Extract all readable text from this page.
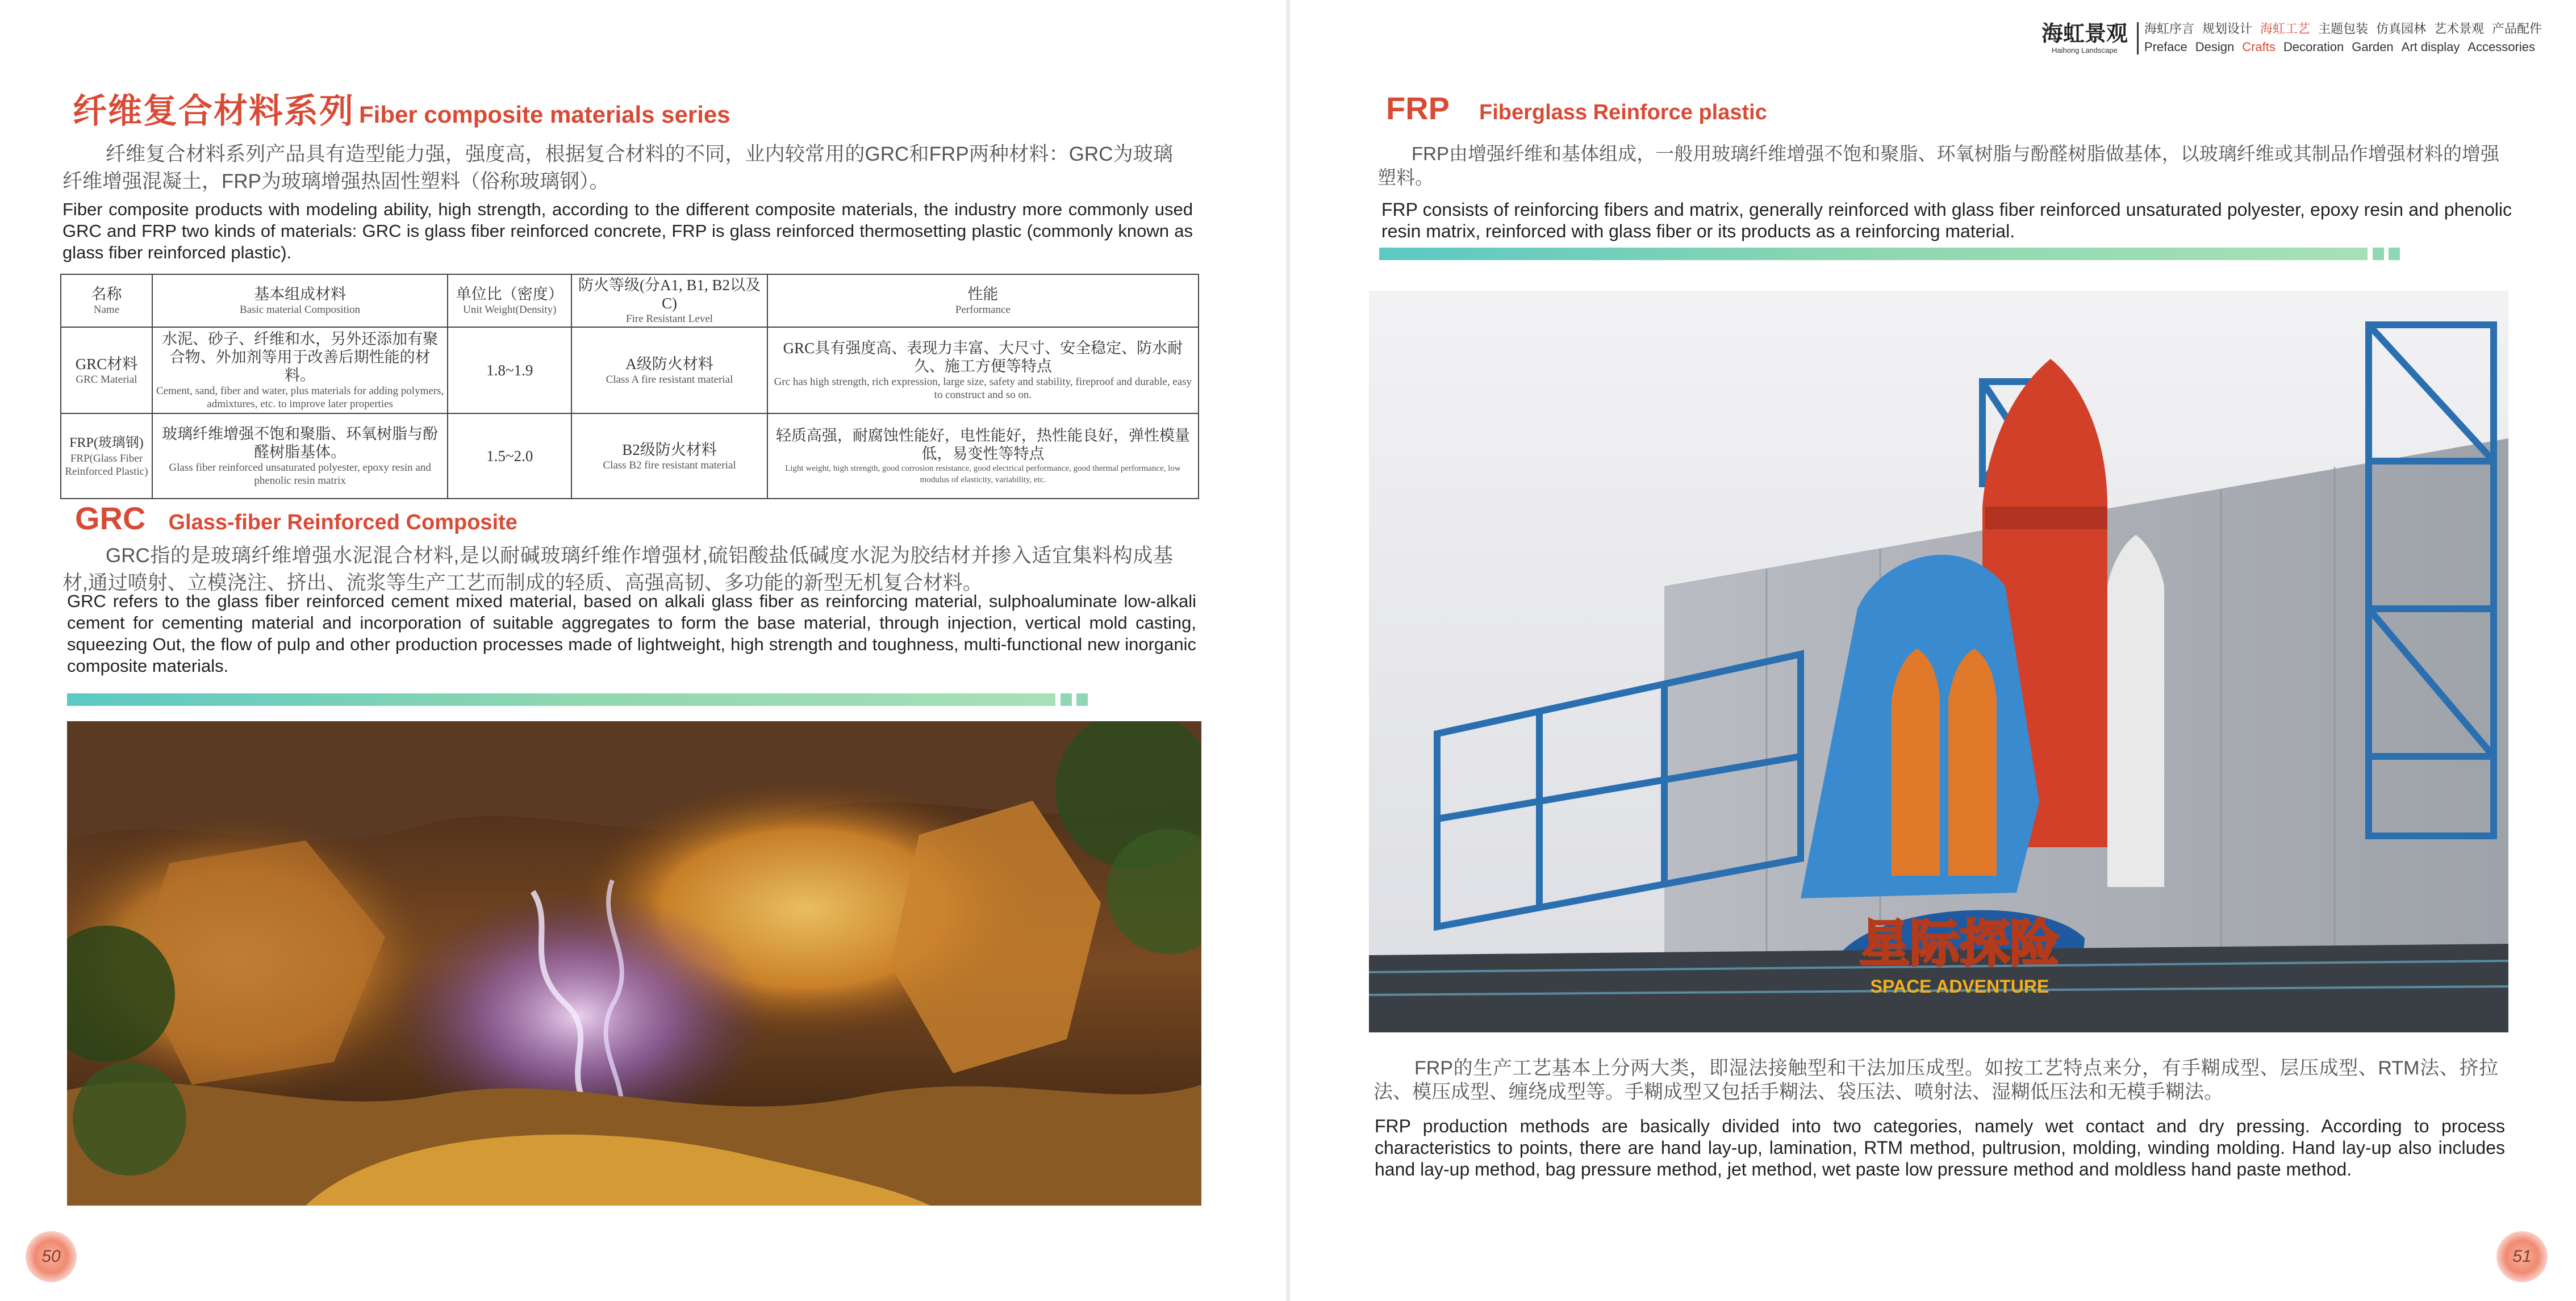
纤维复合材料系列 Fiber composite materials series
纤维复合材料系列产品具有造型能力强，强度高，根据复合材料的不同，业内较常用的GRC和FRP两种材料：GRC为玻璃纤维增强混凝土，FRP为玻璃增强热固性塑料（俗称玻璃钢）。
Fiber composite products with modeling ability, high strength, according to the different composite materials, the industry more commonly used GRC and FRP two kinds of materials: GRC is glass fiber reinforced concrete, FRP is glass reinforced thermosetting plastic (commonly known as glass fiber reinforced plastic).
名称
Name	基本组成材料
Basic material Composition	单位比（密度）
Unit Weight(Density)	防火等级(分A1, B1, B2以及C)
Fire Resistant Level	性能
Performance

GRC材料
GRC Material	水泥、砂子、纤维和水，另外还添加有聚合物、外加剂等用于改善后期性能的材料。
Cement, sand, fiber and water, plus materials for adding polymers, admixtures, etc. to improve later properties	1.8~1.9	A级防火材料
Class A fire resistant material	GRC具有强度高、表现力丰富、大尺寸、安全稳定、防水耐久、施工方便等特点
Grc has high strength, rich expression, large size, safety and stability, fireproof and durable, easy to construct and so on.

FRP(玻璃钢)
FRP(Glass Fiber Reinforced Plastic)	玻璃纤维增强不饱和聚脂、环氧树脂与酚醛树脂基体。
Glass fiber reinforced unsaturated polyester, epoxy resin and phenolic resin matrix	1.5~2.0	B2级防火材料
Class B2 fire resistant material	轻质高强，耐腐蚀性能好，电性能好，热性能良好，弹性模量低，易变性等特点
Light weight, high strength, good corrosion resistance, good electrical performance, good thermal performance, low modulus of elasticity, variability, etc.
GRC Glass-fiber Reinforced Composite
GRC指的是玻璃纤维增强水泥混合材料,是以耐碱玻璃纤维作增强材,硫铝酸盐低碱度水泥为胶结材并掺入适宜集料构成基材,通过喷射、立模浇注、挤出、流浆等生产工艺而制成的轻质、高强高韧、多功能的新型无机复合材料。
GRC refers to the glass fiber reinforced cement mixed material, based on alkali glass fiber as reinforcing material, sulphoaluminate low-alkali cement for cementing material and incorporation of suitable aggregates to form the base material, through injection, vertical mold casting, squeezing Out, the flow of pulp and other production processes made of lightweight, high strength and toughness, multi-functional new inorganic composite materials.
50
海虹景观
Haihong Landscape
海虹序言 规划设计 海虹工艺 主题包装 仿真园林 艺术景观 产品配件
Preface Design Crafts Decoration Garden Art display Accessories
FRP Fiberglass Reinforce plastic
FRP由增强纤维和基体组成，一般用玻璃纤维增强不饱和聚脂、环氧树脂与酚醛树脂做基体，以玻璃纤维或其制品作增强材料的增强塑料。
FRP consists of reinforcing fibers and matrix, generally reinforced with glass fiber reinforced unsaturated polyester, epoxy resin and phenolic resin matrix, reinforced with glass fiber or its products as a reinforcing material.
星际探险
SPACE ADVENTURE
FRP的生产工艺基本上分两大类，即湿法接触型和干法加压成型。如按工艺特点来分，有手糊成型、层压成型、RTM法、挤拉法、模压成型、缠绕成型等。手糊成型又包括手糊法、袋压法、喷射法、湿糊低压法和无模手糊法。
FRP production methods are basically divided into two categories, namely wet contact and dry pressing. According to process characteristics to points, there are hand lay-up, lamination, RTM method, pultrusion, molding, winding molding. Hand lay-up also includes hand lay-up method, bag pressure method, jet method, wet paste low pressure method and moldless hand paste method.
51
